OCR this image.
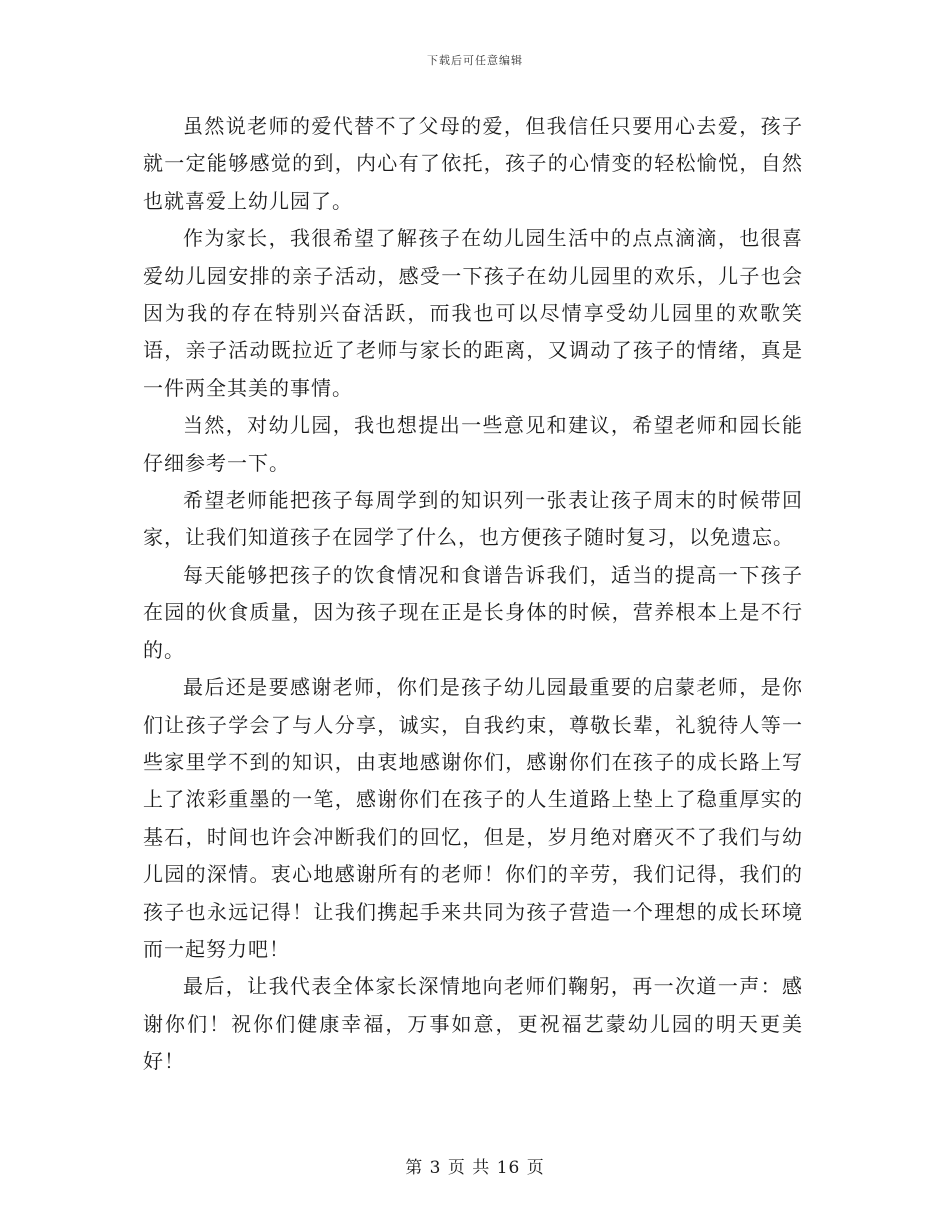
下载后可任意编辑

虽然说老师的爱代替不了父母的爱，但我信任只要用心去爱，孩子就一定能够感觉的到，内心有了依托，孩子的心情变的轻松愉悦，自然也就喜爱上幼儿园了。

作为家长，我很希望了解孩子在幼儿园生活中的点点滴滴，也很喜爱幼儿园安排的亲子活动，感受一下孩子在幼儿园里的欢乐，儿子也会因为我的存在特别兴奋活跃，而我也可以尽情享受幼儿园里的欢歌笑语，亲子活动既拉近了老师与家长的距离，又调动了孩子的情绪，真是一件两全其美的事情。

当然，对幼儿园，我也想提出一些意见和建议，希望老师和园长能仔细参考一下。

希望老师能把孩子每周学到的知识列一张表让孩子周末的时候带回家，让我们知道孩子在园学了什么，也方便孩子随时复习，以免遗忘。

每天能够把孩子的饮食情况和食谱告诉我们，适当的提高一下孩子在园的伙食质量，因为孩子现在正是长身体的时候，营养根本上是不行的。

最后还是要感谢老师，你们是孩子幼儿园最重要的启蒙老师，是你们让孩子学会了与人分享，诚实，自我约束，尊敬长辈，礼貌待人等一些家里学不到的知识，由衷地感谢你们，感谢你们在孩子的成长路上写上了浓彩重墨的一笔，感谢你们在孩子的人生道路上垫上了稳重厚实的基石，时间也许会冲断我们的回忆，但是，岁月绝对磨灭不了我们与幼儿园的深情。衷心地感谢所有的老师！你们的辛劳，我们记得，我们的孩子也永远记得！让我们携起手来共同为孩子营造一个理想的成长环境而一起努力吧！

最后，让我代表全体家长深情地向老师们鞠躬，再一次道一声：感谢你们！祝你们健康幸福，万事如意，更祝福艺蒙幼儿园的明天更美好！

第 3 页 共 16 页
